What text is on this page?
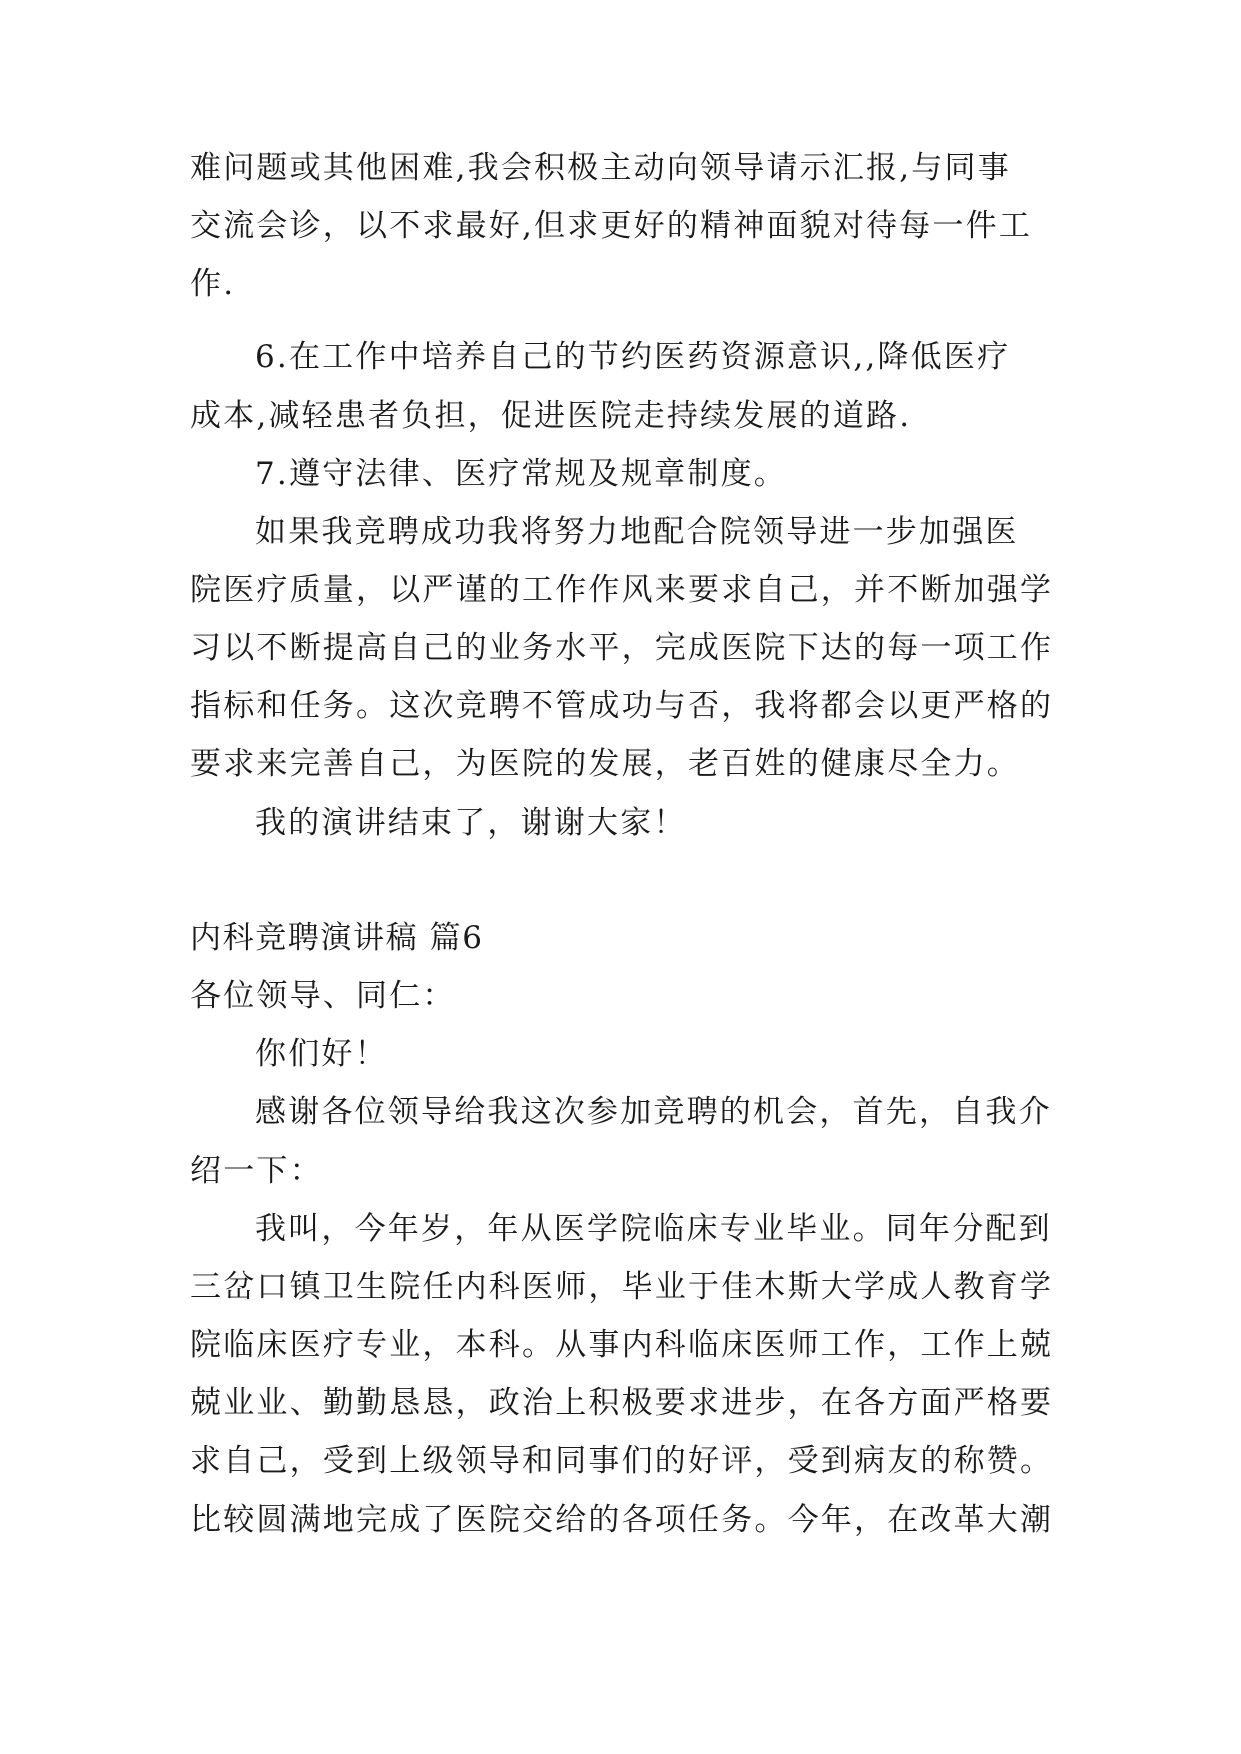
难问题或其他困难,我会积极主动向领导请示汇报,与同事
交流会诊，以不求最好,但求更好的精神面貌对待每一件工
作.
6.在工作中培养自己的节约医药资源意识,,降低医疗
成本,减轻患者负担，促进医院走持续发展的道路.
7.遵守法律、医疗常规及规章制度。
如果我竞聘成功我将努力地配合院领导进一步加强医
院医疗质量，以严谨的工作作风来要求自己，并不断加强学
习以不断提高自己的业务水平，完成医院下达的每一项工作
指标和任务。这次竞聘不管成功与否，我将都会以更严格的
要求来完善自己，为医院的发展，老百姓的健康尽全力。
我的演讲结束了，谢谢大家！
内科竞聘演讲稿 篇6
各位领导、同仁：
你们好！
感谢各位领导给我这次参加竞聘的机会，首先，自我介
绍一下：
我叫，今年岁，年从医学院临床专业毕业。同年分配到
三岔口镇卫生院任内科医师，毕业于佳木斯大学成人教育学
院临床医疗专业，本科。从事内科临床医师工作，工作上兢
兢业业、勤勤恳恳，政治上积极要求进步，在各方面严格要
求自己，受到上级领导和同事们的好评，受到病友的称赞。
比较圆满地完成了医院交给的各项任务。今年，在改革大潮
